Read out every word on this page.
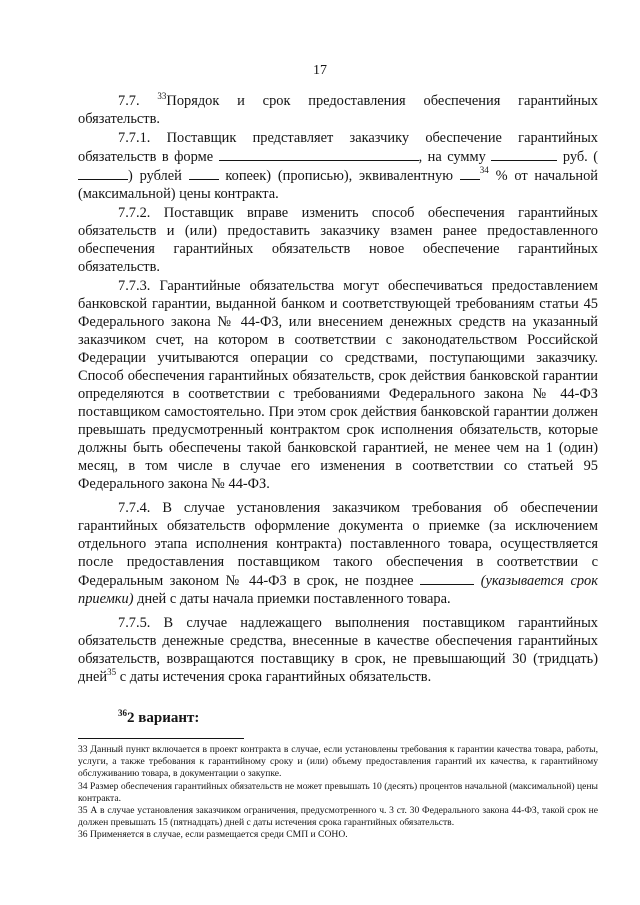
17

7.7. $^{33}$Порядок и срок предоставления обеспечения гарантийных обязательств.

7.7.1. Поставщик представляет заказчику обеспечение гарантийных обязательств в форме	, на сумму	руб. () рублей	копеек) (прописью), эквивалентную	$^{34}$ % от начальной (максимальной) цены контракта.

7.7.2. Поставщик вправе изменить способ обеспечения гарантийных обязательств и (или) предоставить заказчику взамен ранее предоставленного обеспечения гарантийных обязательств новое обеспечение гарантийных обязательств.

7.7.3. Гарантийные обязательства могут обеспечиваться предоставлением банковской гарантии, выданной банком и соответствующей требованиям статьи 45 Федерального закона № 44-ФЗ, или внесением денежных средств на указанный заказчиком счет, на котором в соответствии с законодательством Российской Федерации учитываются операции со средствами, поступающими заказчику. Способ обеспечения гарантийных обязательств, срок действия банковской гарантии определяются в соответствии с требованиями Федерального закона № 44-ФЗ поставщиком самостоятельно. При этом срок действия банковской гарантии должен превышать предусмотренный контрактом срок исполнения обязательств, которые должны быть обеспечены такой банковской гарантией, не менее чем на 1 (один) месяц, в том числе в случае его изменения в соответствии со статьей 95 Федерального закона № 44-ФЗ.

7.7.4. В случае установления заказчиком требования об обеспечении гарантийных обязательств оформление документа о приемке (за исключением отдельного этапа исполнения контракта) поставленного товара, осуществляется после предоставления поставщиком такого обеспечения в соответствии с Федеральным законом № 44-ФЗ в срок, не позднее	(указывается срок приемки) дней с даты начала приемки поставленного товара.

7.7.5. В случае надлежащего выполнения поставщиком гарантийных обязательств денежные средства, внесенные в качестве обеспечения гарантийных обязательств, возвращаются поставщику в срок, не превышающий 30 (тридцать) дней$^{35}$ с даты истечения срока гарантийных обязательств.

$^{36}$2 вариант:

33 Данный пункт включается в проект контракта в случае, если установлены требования к гарантии качества товара, работы, услуги, а также требования к гарантийному сроку и (или) объему предоставления гарантий их качества, к гарантийному обслуживанию товара, в документации о закупке.

34 Размер обеспечения гарантийных обязательств не может превышать 10 (десять) процентов начальной (максимальной) цены контракта.

35 А в случае установления заказчиком ограничения, предусмотренного ч. 3 ст. 30 Федерального закона 44-ФЗ, такой срок не должен превышать 15 (пятнадцать) дней с даты истечения срока гарантийных обязательств.

36 Применяется в случае, если размещается среди СМП и СОНО.
